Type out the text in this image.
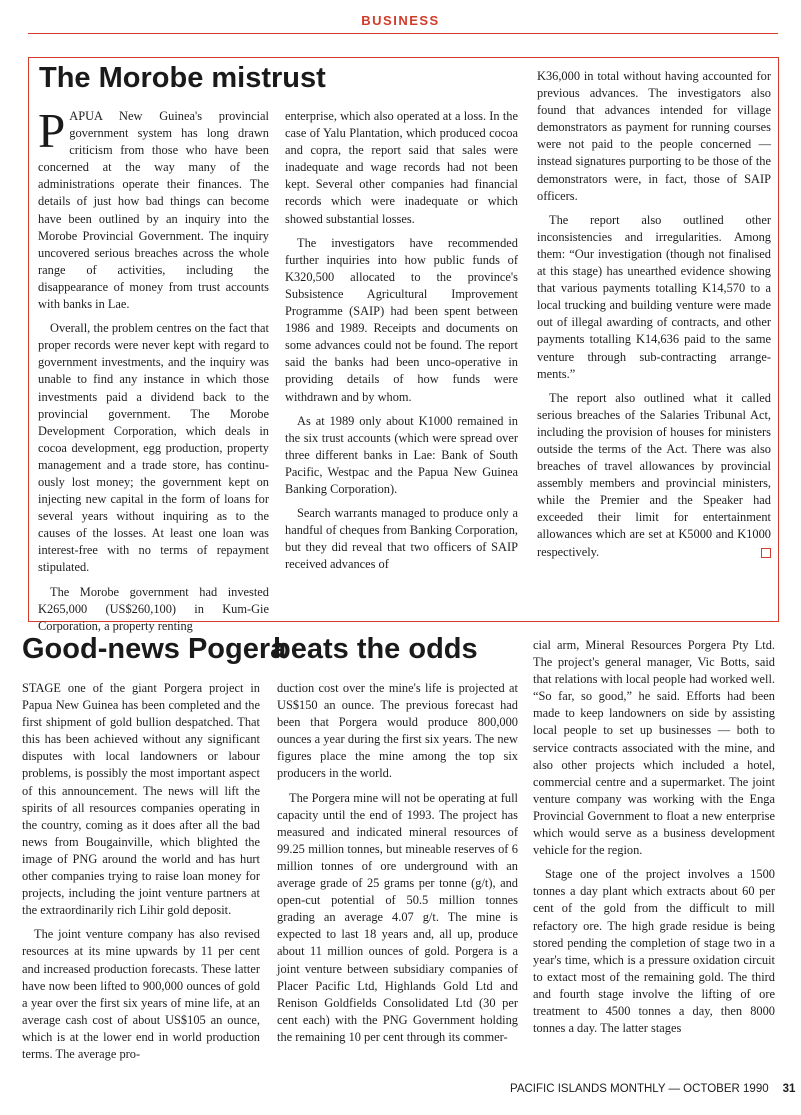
BUSINESS
The Morobe mistrust

PAPUA New Guinea's provincial government system has long drawn criticism from those who have been concerned at the way many of the administrations operate their finances. The details of just how bad things can become have been outlined by an inquiry into the Morobe Provincial Government. The inquiry uncovered serious breaches across the whole range of activities, including the disappearance of money from trust accounts with banks in Lae.

Overall, the problem centres on the fact that proper records were never kept with regard to government investments, and the inquiry was unable to find any instance in which those investments paid a dividend back to the provincial government. The Morobe Development Corporation, which deals in cocoa development, egg production, property management and a trade store, has continuously lost money; the government kept on injecting new capital in the form of loans for several years without inquiring as to the causes of the losses. At least one loan was interest-free with no terms of repayment stipulated.

The Morobe government had invested K265,000 (US$260,100) in Kum-Gie Corporation, a property renting

enterprise, which also operated at a loss. In the case of Yalu Plantation, which produced cocoa and copra, the report said that sales were inadequate and wage records had not been kept. Several other companies had financial records which were inadequate or which showed substantial losses.

The investigators have recommended further inquiries into how public funds of K320,500 allocated to the province's Subsistence Agricultural Improvement Programme (SAIP) had been spent between 1986 and 1989. Receipts and documents on some advances could not be found. The report said the banks had been unco-operative in providing details of how funds were withdrawn and by whom.

As at 1989 only about K1000 remained in the six trust accounts (which were spread over three different banks in Lae: Bank of South Pacific, Westpac and the Papua New Guinea Banking Corporation).

Search warrants managed to produce only a handful of cheques from Banking Corporation, but they did reveal that two officers of SAIP received advances of

K36,000 in total without having accounted for previous advances. The investigators also found that advances intended for village demonstrators as payment for running courses were not paid to the people concerned — instead signatures purporting to be those of the demonstrators were, in fact, those of SAIP officers.

The report also outlined other inconsistencies and irregularities. Among them: “Our investigation (though not finalised at this stage) has unearthed evidence showing that various payments totalling K14,570 to a local trucking and building venture were made out of illegal awarding of contracts, and other payments totalling K14,636 paid to the same venture through sub-contracting arrangements.”

The report also outlined what it called serious breaches of the Salaries Tribunal Act, including the provision of houses for ministers outside the terms of the Act. There was also breaches of travel allowances by provincial assembly members and provincial ministers, while the Premier and the Speaker had exceeded their limit for entertainment allowances which are set at K5000 and K1000 respectively.

Good-news Pogera
beats the odds

STAGE one of the giant Porgera project in Papua New Guinea has been completed and the first shipment of gold bullion despatched. That this has been achieved without any significant disputes with local landowners or labour problems, is possibly the most important aspect of this announcement. The news will lift the spirits of all resources companies operating in the country, coming as it does after all the bad news from Bougainville, which blighted the image of PNG around the world and has hurt other companies trying to raise loan money for projects, including the joint venture partners at the extraordinarily rich Lihir gold deposit.

The joint venture company has also revised resources at its mine upwards by 11 per cent and increased production forecasts. These latter have now been lifted to 900,000 ounces of gold a year over the first six years of mine life, at an average cash cost of about US$105 an ounce, which is at the lower end in world production terms. The average pro-

duction cost over the mine's life is projected at US$150 an ounce. The previous forecast had been that Porgera would produce 800,000 ounces a year during the first six years. The new figures place the mine among the top six producers in the world.

The Porgera mine will not be operating at full capacity until the end of 1993. The project has measured and indicated mineral resources of 99.25 million tonnes, but mineable reserves of 6 million tonnes of ore underground with an average grade of 25 grams per tonne (g/t), and open-cut potential of 50.5 million tonnes grading an average 4.07 g/t. The mine is expected to last 18 years and, all up, produce about 11 million ounces of gold. Porgera is a joint venture between subsidiary companies of Placer Pacific Ltd, Highlands Gold Ltd and Renison Goldfields Consolidated Ltd (30 per cent each) with the PNG Government holding the remaining 10 per cent through its commer-

cial arm, Mineral Resources Porgera Pty Ltd. The project's general manager, Vic Botts, said that relations with local people had worked well. “So far, so good,” he said. Efforts had been made to keep landowners on side by assisting local people to set up businesses — both to service contracts associated with the mine, and also other projects which included a hotel, commercial centre and a supermarket. The joint venture company was working with the Enga Provincial Government to float a new enterprise which would serve as a business development vehicle for the region.

Stage one of the project involves a 1500 tonnes a day plant which extracts about 60 per cent of the gold from the difficult to mill refactory ore. The high grade residue is being stored pending the completion of stage two in a year's time, which is a pressure oxidation circuit to extact most of the remaining gold. The third and fourth stage involve the lifting of ore treatment to 4500 tonnes a day, then 8000 tonnes a day. The latter stages

PACIFIC ISLANDS MONTHLY — OCTOBER 1990 31
